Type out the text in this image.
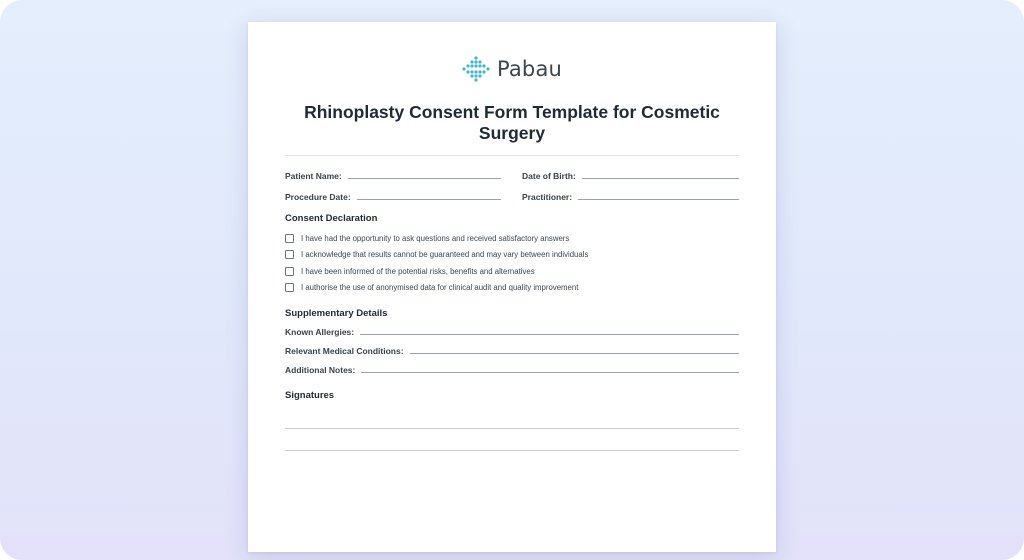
Pabau
Rhinoplasty Consent Form Template for Cosmetic Surgery
Patient Name:	Date of Birth:
Procedure Date:	Practitioner:
Consent Declaration
I have had the opportunity to ask questions and received satisfactory answers
I acknowledge that results cannot be guaranteed and may vary between individuals
I have been informed of the potential risks, benefits and alternatives
I authorise the use of anonymised data for clinical audit and quality improvement
Supplementary Details
Known Allergies:
Relevant Medical Conditions:
Additional Notes:
Signatures
